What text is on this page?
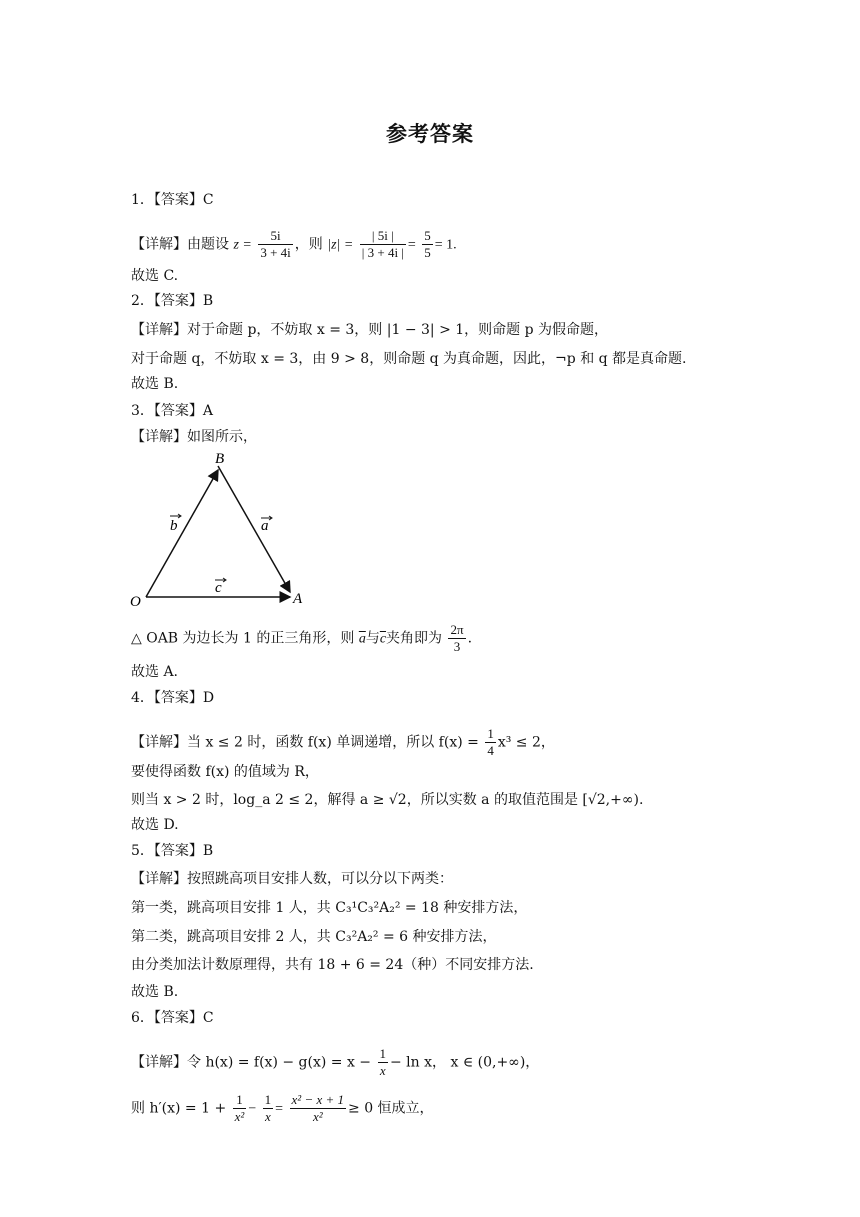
参考答案
1．【答案】C
【详解】由题设 $z = \frac{5i}{3 + 4i}$ ，则 $|z| = \frac{| 5i |}{| 3 + 4i |} = \frac{5}{5} = 1$.
故选 C.
2．【答案】B
【详解】对于命题 p，不妨取 x = 3，则 |1 − 3| > 1，则命题 p 为假命题，
对于命题 q，不妨取 x = 3，由 9 > 8，则命题 q 为真命题，因此，¬p 和 q 都是真命题.
故选 B.
3．【答案】A
【详解】如图所示，
B
O	A
b	a
c
△ OAB 为边长为 1 的正三角形，则 $\overline{a}$与$\overline{c}$夹角即为 $\frac{2\pi}{3}$ .
故选 A.
4．【答案】D
【详解】当 x ≤ 2 时，函数 f(x) 单调递增，所以 $f(x) = \frac{1}{4} x^3 \le 2$，
要使得函数 f(x) 的值域为 R，
则当 x > 2 时，log_a 2 ≤ 2，解得 a ≥ √2，所以实数 a 的取值范围是 [√2,+∞).
故选 D.
5．【答案】B
【详解】按照跳高项目安排人数，可以分以下两类：
第一类，跳高项目安排 1 人，共 C₃¹C₃²A₂² = 18 种安排方法，
第二类，跳高项目安排 2 人，共 C₃²A₂² = 6 种安排方法，
由分类加法计数原理得，共有 18 + 6 = 24（种）不同安排方法.
故选 B.
6．【答案】C
【详解】令 $h(x) = f(x) - g(x) = x - \frac{1}{x} - \ln x$， x ∈ (0,+∞)，
则 $h'(x) = 1 + \frac{1}{\text{x²}} - \frac{1}{x} = \frac{\text{x² − x + 1}}{\text{x²}} \ge 0$ 恒成立，
